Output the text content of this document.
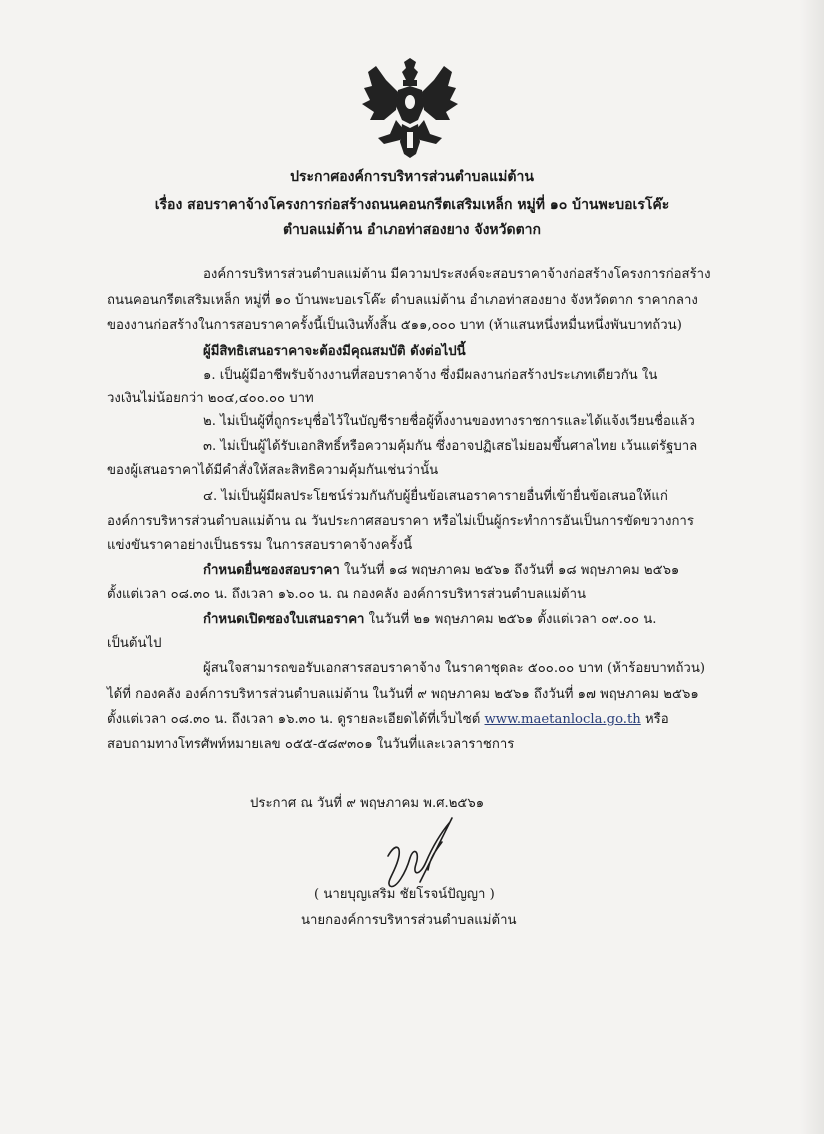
ประกาศองค์การบริหารส่วนตำบลแม่ต้าน
เรื่อง สอบราคาจ้างโครงการก่อสร้างถนนคอนกรีตเสริมเหล็ก หมู่ที่ ๑๐ บ้านพะบอเรโค๊ะ
ตำบลแม่ต้าน อำเภอท่าสองยาง จังหวัดตาก
องค์การบริหารส่วนตำบลแม่ต้าน มีความประสงค์จะสอบราคาจ้างก่อสร้างโครงการก่อสร้าง
ถนนคอนกรีตเสริมเหล็ก หมู่ที่ ๑๐ บ้านพะบอเรโค๊ะ ตำบลแม่ต้าน อำเภอท่าสองยาง จังหวัดตาก ราคากลาง
ของงานก่อสร้างในการสอบราคาครั้งนี้เป็นเงินทั้งสิ้น ๕๑๑,๐๐๐ บาท (ห้าแสนหนึ่งหมื่นหนึ่งพันบาทถ้วน)
ผู้มีสิทธิเสนอราคาจะต้องมีคุณสมบัติ ดังต่อไปนี้
๑. เป็นผู้มีอาชีพรับจ้างงานที่สอบราคาจ้าง ซึ่งมีผลงานก่อสร้างประเภทเดียวกัน ใน
วงเงินไม่น้อยกว่า ๒๐๔,๔๐๐.๐๐ บาท
๒. ไม่เป็นผู้ที่ถูกระบุชื่อไว้ในบัญชีรายชื่อผู้ทิ้งงานของทางราชการและได้แจ้งเวียนชื่อแล้ว
๓. ไม่เป็นผู้ได้รับเอกสิทธิ์หรือความคุ้มกัน ซึ่งอาจปฏิเสธไม่ยอมขึ้นศาลไทย เว้นแต่รัฐบาล
ของผู้เสนอราคาได้มีคำสั่งให้สละสิทธิความคุ้มกันเช่นว่านั้น
๔. ไม่เป็นผู้มีผลประโยชน์ร่วมกันกับผู้ยื่นข้อเสนอราคารายอื่นที่เข้ายื่นข้อเสนอให้แก่
องค์การบริหารส่วนตำบลแม่ต้าน ณ วันประกาศสอบราคา หรือไม่เป็นผู้กระทำการอันเป็นการขัดขวางการ
แข่งขันราคาอย่างเป็นธรรม ในการสอบราคาจ้างครั้งนี้
กำหนดยื่นซองสอบราคา ในวันที่ ๑๘ พฤษภาคม ๒๕๖๑ ถึงวันที่ ๑๘ พฤษภาคม ๒๕๖๑
ตั้งแต่เวลา ๐๘.๓๐ น. ถึงเวลา ๑๖.๐๐ น. ณ กองคลัง องค์การบริหารส่วนตำบลแม่ต้าน
กำหนดเปิดซองใบเสนอราคา ในวันที่ ๒๑ พฤษภาคม ๒๕๖๑ ตั้งแต่เวลา ๐๙.๐๐ น.
เป็นต้นไป
ผู้สนใจสามารถขอรับเอกสารสอบราคาจ้าง ในราคาชุดละ ๕๐๐.๐๐ บาท (ห้าร้อยบาทถ้วน)
ได้ที่ กองคลัง องค์การบริหารส่วนตำบลแม่ต้าน ในวันที่ ๙ พฤษภาคม ๒๕๖๑ ถึงวันที่ ๑๗ พฤษภาคม ๒๕๖๑
ตั้งแต่เวลา ๐๘.๓๐ น. ถึงเวลา ๑๖.๓๐ น. ดูรายละเอียดได้ที่เว็บไซต์ www.maetanlocla.go.th หรือ
สอบถามทางโทรศัพท์หมายเลข ๐๕๕-๕๘๙๓๐๑ ในวันที่และเวลาราชการ
ประกาศ ณ วันที่ ๙ พฤษภาคม พ.ศ.๒๕๖๑
( นายบุญเสริม ชัยโรจน์ปัญญา )
นายกองค์การบริหารส่วนตำบลแม่ต้าน
